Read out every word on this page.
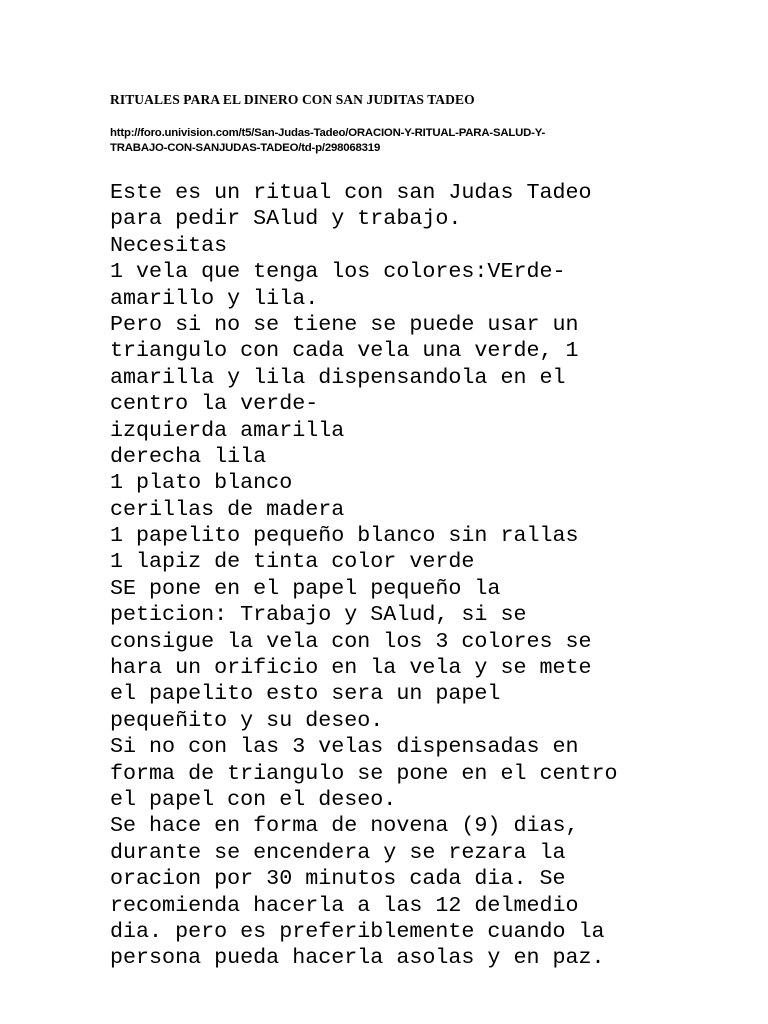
RITUALES PARA EL DINERO CON SAN JUDITAS TADEO
http://foro.univision.com/t5/San-Judas-Tadeo/ORACION-Y-RITUAL-PARA-SALUD-Y-
TRABAJO-CON-SANJUDAS-TADEO/td-p/298068319
Este es un ritual con san Judas Tadeo
para pedir SAlud y trabajo.
Necesitas
1 vela que tenga los colores:VErde-
amarillo y lila.
Pero si no se tiene se puede usar un
triangulo con cada vela una verde, 1
amarilla y lila dispensandola en el
centro la verde-
izquierda amarilla
derecha lila
1 plato blanco
cerillas de madera
1 papelito pequeño blanco sin rallas
1 lapiz de tinta color verde
SE pone en el papel pequeño la
peticion: Trabajo y SAlud, si se
consigue la vela con los 3 colores se
hara un orificio en la vela y se mete
el papelito esto sera un papel
pequeñito y su deseo.
Si no con las 3 velas dispensadas en
forma de triangulo se pone en el centro
el papel con el deseo.
Se hace en forma de novena (9) dias,
durante se encendera y se rezara la
oracion por 30 minutos cada dia. Se
recomienda hacerla a las 12 delmedio
dia. pero es preferiblemente cuando la
persona pueda hacerla asolas y en paz.
